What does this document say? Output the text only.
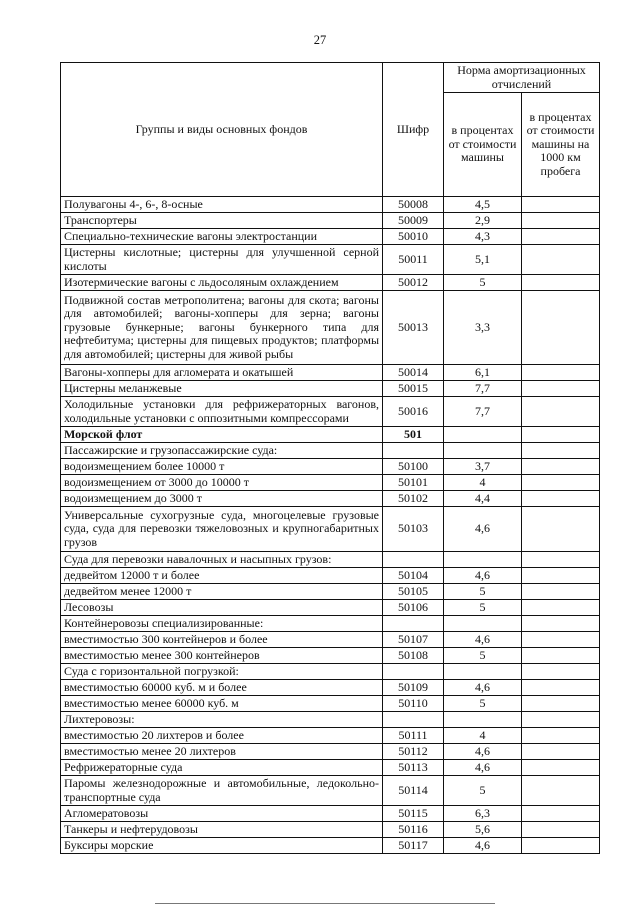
27
Группы и виды основных фондов	Шифр	Норма амортизационных отчислений	
		в процентах от стоимости машины	в процентах от стоимости машины на 1000 км пробега
Полувагоны 4-, 6-, 8-осные	50008	4,5	
Транспортеры	50009	2,9	
Специально-технические вагоны электростанции	50010	4,3	
Цистерны кислотные; цистерны для улучшенной серной кислоты	50011	5,1	
Изотермические вагоны с льдосоляным охлаждением	50012	5	
Подвижной состав метрополитена; вагоны для скота; вагоны для автомобилей; вагоны-хопперы для зерна; вагоны грузовые бункерные; вагоны бункерного типа для нефтебитума; цистерны для пищевых продуктов; платформы для автомобилей; цистерны для живой рыбы	50013	3,3	
Вагоны-хопперы для агломерата и окатышей	50014	6,1	
Цистерны меланжевые	50015	7,7	
Холодильные установки для рефрижераторных вагонов, холодильные установки с оппозитными компрессорами	50016	7,7	
Морской флот	501		
Пассажирские и грузопассажирские суда:			
водоизмещением более 10000 т	50100	3,7	
водоизмещением от 3000 до 10000 т	50101	4	
водоизмещением до 3000 т	50102	4,4	
Универсальные сухогрузные суда, многоцелевые грузовые суда, суда для перевозки тяжеловозных и крупногабаритных грузов	50103	4,6	
Суда для перевозки навалочных и насыпных грузов:			
дедвейтом 12000 т и более	50104	4,6	
дедвейтом менее 12000 т	50105	5	
Лесовозы	50106	5	
Контейнеровозы специализированные:			
вместимостью 300 контейнеров и более	50107	4,6	
вместимостью менее 300 контейнеров	50108	5	
Суда с горизонтальной погрузкой:			
вместимостью 60000 куб. м и более	50109	4,6	
вместимостью менее 60000 куб. м	50110	5	
Лихтеровозы:			
вместимостью 20 лихтеров и более	50111	4	
вместимостью менее 20 лихтеров	50112	4,6	
Рефрижераторные суда	50113	4,6	
Паромы железнодорожные и автомобильные, ледокольно-транспортные суда	50114	5	
Агломератовозы	50115	6,3	
Танкеры и нефтерудовозы	50116	5,6	
Буксиры морские	50117	4,6	
